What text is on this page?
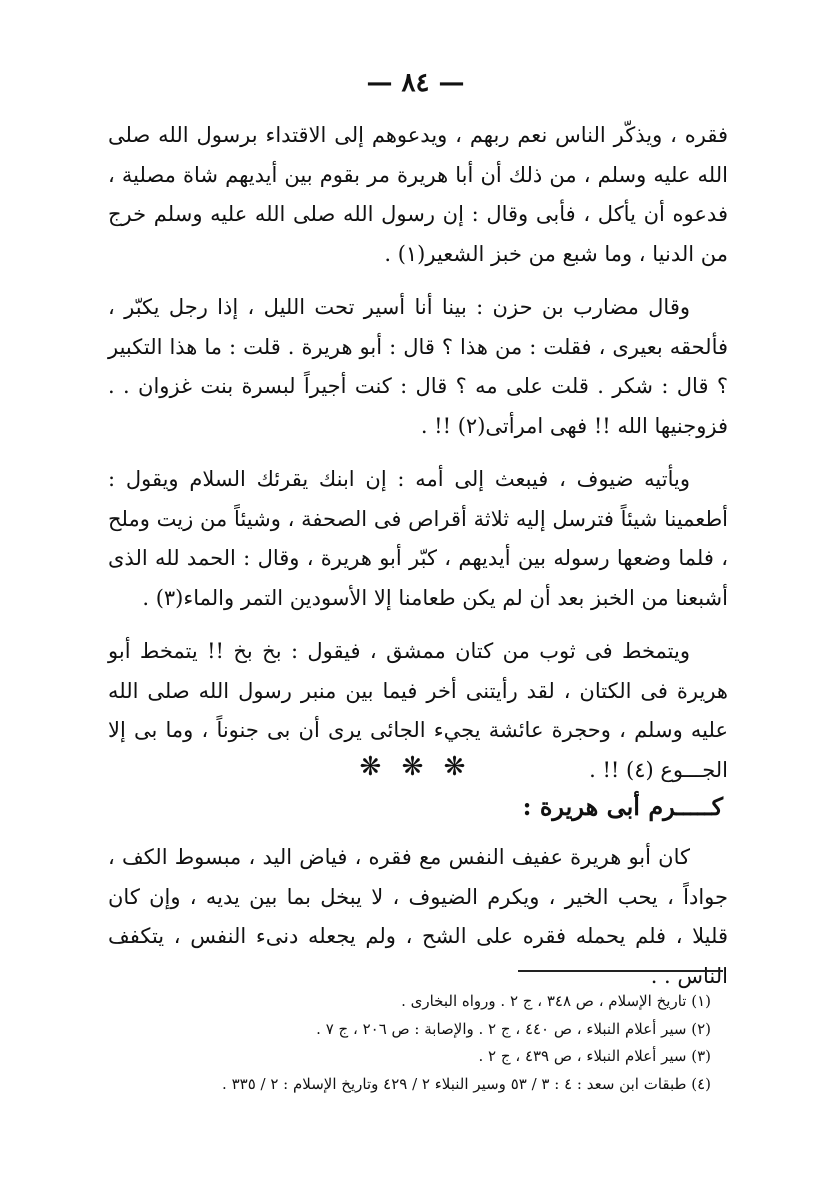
— ٨٤ —

فقره ، ويذكّر الناس نعم ربهم ، ويدعوهم إلى الاقتداء برسول الله صلى الله عليه وسلم ، من ذلك أن أبا هريرة مر بقوم بين أيديهم شاة مصلية ، فدعوه أن يأكل ، فأبى وقال : إن رسول الله صلى الله عليه وسلم خرج من الدنيا ، وما شبع من خبز الشعير(١) .

وقال مضارب بن حزن : بينا أنا أسير تحت الليل ، إذا رجل يكبّر ، فألحقه بعيرى ، فقلت : من هذا ؟ قال : أبو هريرة . قلت : ما هذا التكبير ؟ قال : شكر . قلت على مه ؟ قال : كنت أجيراً لبسرة بنت غزوان . . فزوجنيها الله !! فهى امرأتى(٢) !! .

ويأتيه ضيوف ، فيبعث إلى أمه : إن ابنك يقرئك السلام ويقول : أطعمينا شيئاً فترسل إليه ثلاثة أقراص فى الصحفة ، وشيئاً من زيت وملح ، فلما وضعها رسوله بين أيديهم ، كبّر أبو هريرة ، وقال : الحمد لله الذى أشبعنا من الخبز بعد أن لم يكن طعامنا إلا الأسودين التمر والماء(٣) .

ويتمخط فى ثوب من كتان ممشق ، فيقول : بخ بخ !! يتمخط أبو هريرة فى الكتان ، لقد رأيتنى أخر فيما بين منبر رسول الله صلى الله عليه وسلم ، وحجرة عائشة يجيء الجائى يرى أن بى جنوناً ، وما بى إلا الجـــوع (٤) !! .

❋ ❋ ❋
كـــــرم أبى هريرة :

كان أبو هريرة عفيف النفس مع فقره ، فياض اليد ، مبسوط الكف ، جواداً ، يحب الخير ، ويكرم الضيوف ، لا يبخل بما بين يديه ، وإن كان قليلا ، فلم يحمله فقره على الشح ، ولم يجعله دنىء النفس ، يتكفف الناس . .

(١) تاريخ الإسلام ، ص ٣٤٨ ، ج ٢ . ورواه البخارى .
(٢) سير أعلام النبلاء ، ص ٤٤٠ ، ج ٢ . والإصابة : ص ٢٠٦ ، ج ٧ .
(٣) سير أعلام النبلاء ، ص ٤٣٩ ، ج ٢ .
(٤) طبقات ابن سعد : ٤ : ٣ / ٥٣ وسير النبلاء ٢ / ٤٢٩ وتاريخ الإسلام : ٢ / ٣٣٥ .
